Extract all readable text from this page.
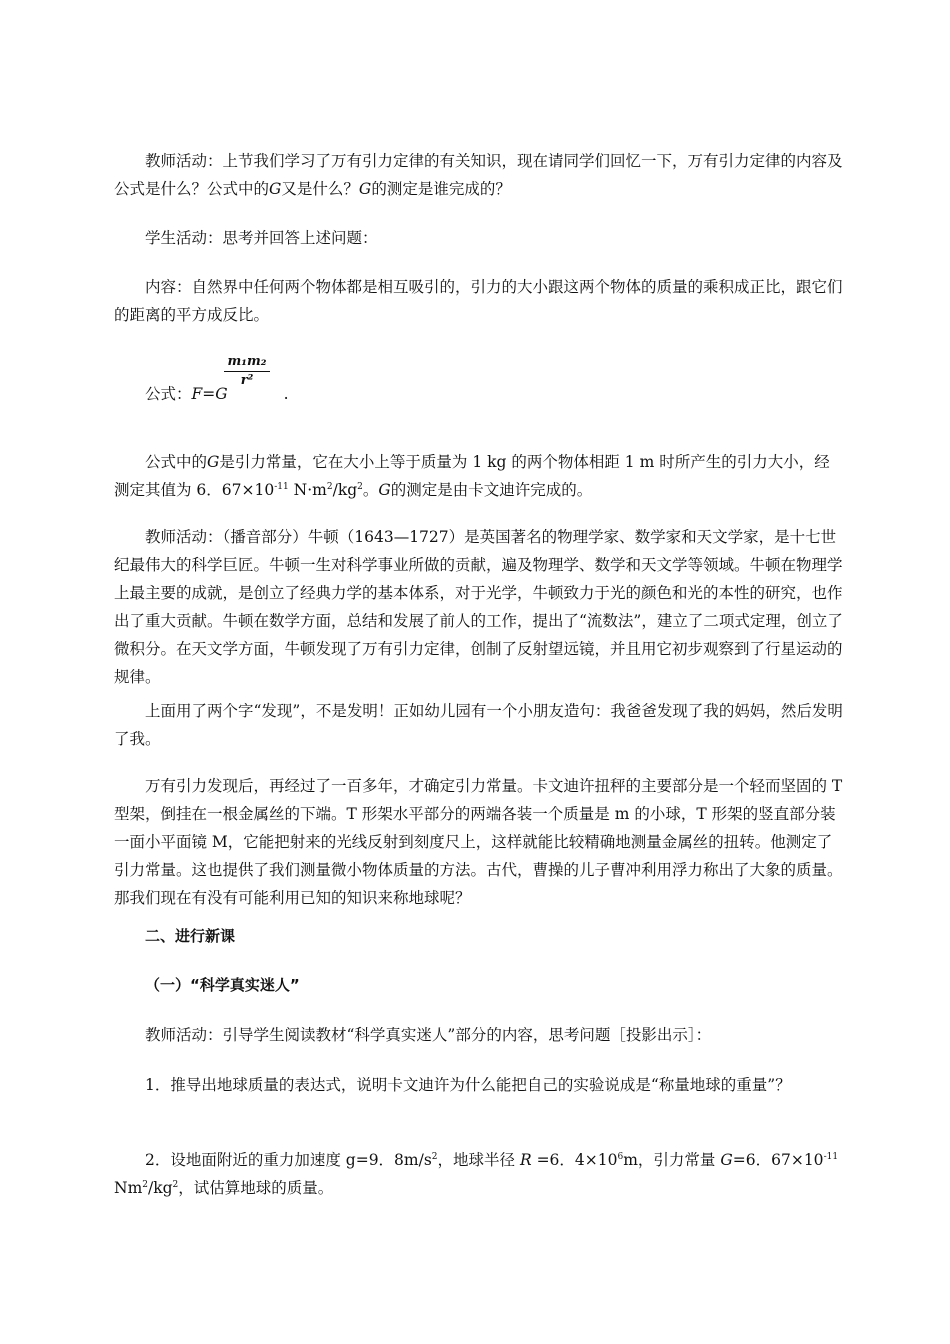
教师活动：上节我们学习了万有引力定律的有关知识，现在请同学们回忆一下，万有引力定律的内容及公式是什么？公式中的G又是什么？G的测定是谁完成的？

学生活动：思考并回答上述问题：

内容：自然界中任何两个物体都是相互吸引的，引力的大小跟这两个物体的质量的乘积成正比，跟它们的距离的平方成反比。

公式：F=G	.

$\frac{\text{m₁m₂}}{\text{r²}}$

公式中的G是引力常量，它在大小上等于质量为 1 kg 的两个物体相距 1 m 时所产生的引力大小，经测定其值为 6．$67\times 10^{-11}$ $N\cdot m^2/kg^2$。G的测定是由卡文迪许完成的。

教师活动：（播音部分）牛顿（1643—1727）是英国著名的物理学家、数学家和天文学家，是十七世纪最伟大的科学巨匠。牛顿一生对科学事业所做的贡献，遍及物理学、数学和天文学等领域。牛顿在物理学上最主要的成就，是创立了经典力学的基本体系，对于光学，牛顿致力于光的颜色和光的本性的研究，也作出了重大贡献。牛顿在数学方面，总结和发展了前人的工作，提出了“流数法”，建立了二项式定理，创立了微积分。在天文学方面，牛顿发现了万有引力定律，创制了反射望远镜，并且用它初步观察到了行星运动的规律。

上面用了两个字“发现”，不是发明！正如幼儿园有一个小朋友造句：我爸爸发现了我的妈妈，然后发明了我。

万有引力发现后，再经过了一百多年，才确定引力常量。卡文迪许扭秤的主要部分是一个轻而坚固的 T 型架，倒挂在一根金属丝的下端。T 形架水平部分的两端各装一个质量是 m 的小球，T 形架的竖直部分装一面小平面镜 M，它能把射来的光线反射到刻度尺上，这样就能比较精确地测量金属丝的扭转。他测定了引力常量。这也提供了我们测量微小物体质量的方法。古代，曹操的儿子曹冲利用浮力称出了大象的质量。那我们现在有没有可能利用已知的知识来称地球呢？

二、进行新课

（一）“科学真实迷人”

教师活动：引导学生阅读教材“科学真实迷人”部分的内容，思考问题［投影出示］：

1．推导出地球质量的表达式，说明卡文迪许为什么能把自己的实验说成是“称量地球的重量”？

2．设地面附近的重力加速度 g=9．$8m/s^2$，地球半径 R =6．$4\times 10^6m$，引力常量 G=6．$67\times 10^{-11}$ $Nm^2/kg^2$，试估算地球的质量。
